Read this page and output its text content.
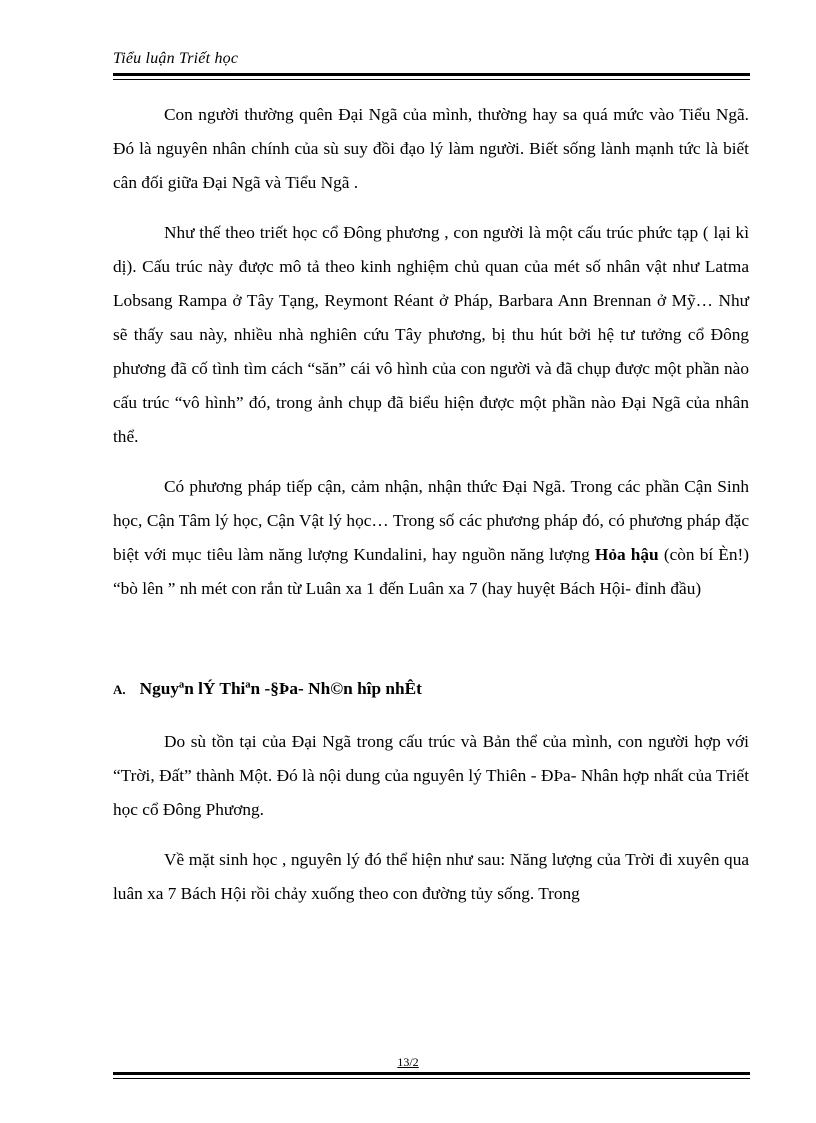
Tiểu luận Triết học

Con người thường quên Đại Ngã của mình, thường hay sa quá mức vào Tiểu Ngã. Đó là nguyên nhân chính của sù suy đồi đạo lý làm người. Biết sống lành mạnh tức là biết cân đối giữa Đại Ngã và Tiểu Ngã .

Như thế theo triết học cổ Đông phương , con người là một cấu trúc phức tạp ( lại kì dị). Cấu trúc này được mô tả theo kinh nghiệm chủ quan của mét số nhân vật như Latma Lobsang Rampa ở Tây Tạng, Reymont Réant ở Pháp, Barbara Ann Brennan ở Mỹ… Như sẽ thấy sau này, nhiều nhà nghiên cứu Tây phương, bị thu hút bởi hệ tư tưởng cổ Đông phương đã cố tình tìm cách “săn” cái vô hình của con người và đã chụp được một phần nào cấu trúc “vô hình” đó, trong ảnh chụp đã biểu hiện được một phần nào Đại Ngã của nhân thể.

Có phương pháp tiếp cận, cảm nhận, nhận thức Đại Ngã. Trong các phần Cận Sinh học, Cận Tâm lý học, Cận Vật lý học… Trong số các phương pháp đó, có phương pháp đặc biệt với mục tiêu làm năng lượng Kundalini, hay nguồn năng lượng Hỏa hậu (còn bí Èn!) “bò lên ” nh mét con rắn từ Luân xa 1 đến Luân xa 7 (hay huyệt Bách Hội- đỉnh đầu)

A. Nguyªn lÝ Thiªn -§Þa- Nh©n hîp nhÊt

Do sù tồn tại của Đại Ngã trong cấu trúc và Bản thể của mình, con người hợp với “Trời, Đất” thành Một. Đó là nội dung của nguyên lý Thiên - ĐÞa- Nhân hợp nhất của Triết học cổ Đông Phương.

Về mặt sinh học , nguyên lý đó thể hiện như sau: Năng lượng của Trời đi xuyên qua luân xa 7 Bách Hội rồi chảy xuống theo con đường tủy sống. Trong

13/2
